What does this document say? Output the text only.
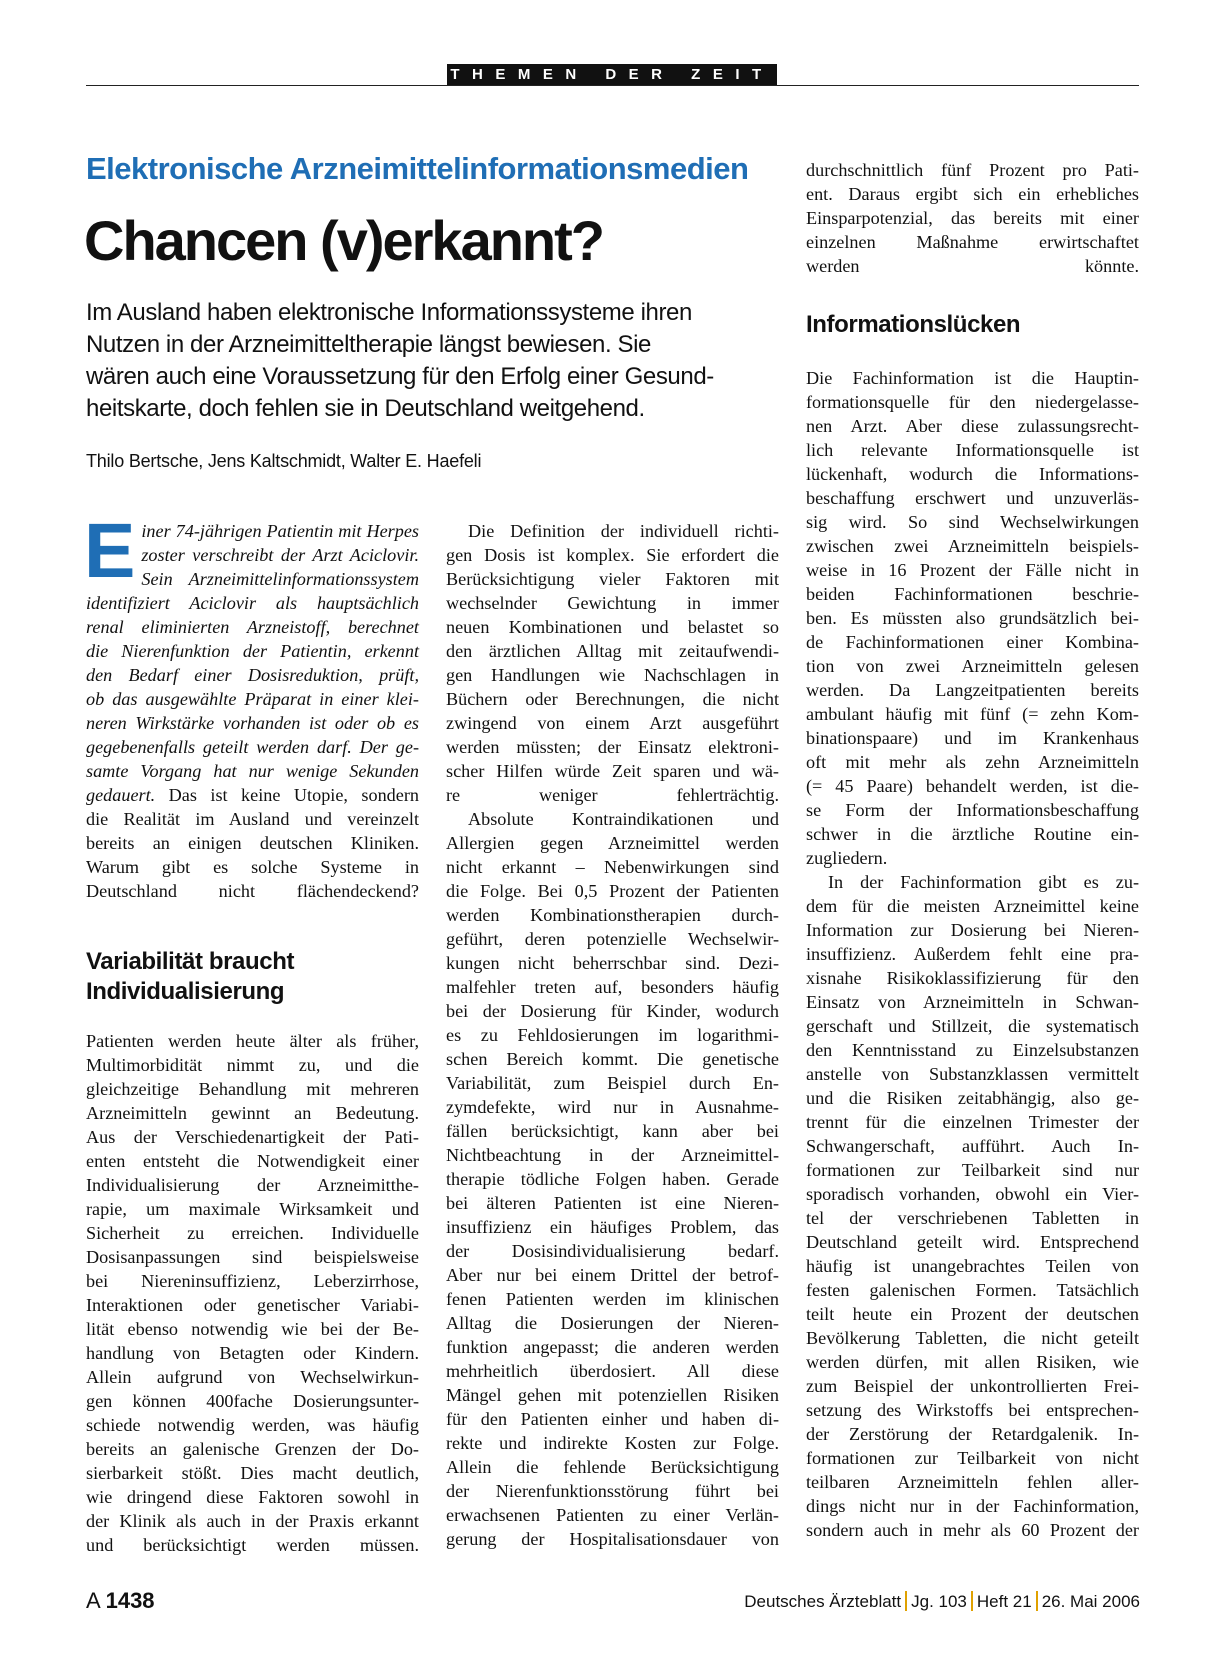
THEMEN DER ZEIT
Elektronische Arzneimittelinformationsmedien
Chancen (v)erkannt?
Im Ausland haben elektronische Informationssysteme ihren
Nutzen in der Arzneimitteltherapie längst bewiesen. Sie
wären auch eine Voraussetzung für den Erfolg einer Gesund-
heitskarte, doch fehlen sie in Deutschland weitgehend.
Thilo Bertsche, Jens Kaltschmidt, Walter E. Haefeli
E iner 74-jährigen Patientin mit Herpes
zoster verschreibt der Arzt Aciclovir.
Sein Arzneimittelinformationssystem
identifiziert Aciclovir als hauptsächlich
renal eliminierten Arzneistoff, berechnet
die Nierenfunktion der Patientin, erkennt
den Bedarf einer Dosisreduktion, prüft,
ob das ausgewählte Präparat in einer klei-
neren Wirkstärke vorhanden ist oder ob es
gegebenenfalls geteilt werden darf. Der ge-
samte Vorgang hat nur wenige Sekunden
gedauert. Das ist keine Utopie, sondern
die Realität im Ausland und vereinzelt
bereits an einigen deutschen Kliniken.
Warum gibt es solche Systeme in
Deutschland nicht flächendeckend?
Variabilität braucht
Individualisierung
Patienten werden heute älter als früher,
Multimorbidität nimmt zu, und die
gleichzeitige Behandlung mit mehreren
Arzneimitteln gewinnt an Bedeutung.
Aus der Verschiedenartigkeit der Pati-
enten entsteht die Notwendigkeit einer
Individualisierung der Arzneimitthe-
rapie, um maximale Wirksamkeit und
Sicherheit zu erreichen. Individuelle
Dosisanpassungen sind beispielsweise
bei Niereninsuffizienz, Leberzirrhose,
Interaktionen oder genetischer Variabi-
lität ebenso notwendig wie bei der Be-
handlung von Betagten oder Kindern.
Allein aufgrund von Wechselwirkun-
gen können 400fache Dosierungsunter-
schiede notwendig werden, was häufig
bereits an galenische Grenzen der Do-
sierbarkeit stößt. Dies macht deutlich,
wie dringend diese Faktoren sowohl in
der Klinik als auch in der Praxis erkannt
und berücksichtigt werden müssen.
Die Definition der individuell richti-
gen Dosis ist komplex. Sie erfordert die
Berücksichtigung vieler Faktoren mit
wechselnder Gewichtung in immer
neuen Kombinationen und belastet so
den ärztlichen Alltag mit zeitaufwendi-
gen Handlungen wie Nachschlagen in
Büchern oder Berechnungen, die nicht
zwingend von einem Arzt ausgeführt
werden müssten; der Einsatz elektroni-
scher Hilfen würde Zeit sparen und wä-
re weniger fehlerträchtig.
Absolute Kontraindikationen und
Allergien gegen Arzneimittel werden
nicht erkannt – Nebenwirkungen sind
die Folge. Bei 0,5 Prozent der Patienten
werden Kombinationstherapien durch-
geführt, deren potenzielle Wechselwir-
kungen nicht beherrschbar sind. Dezi-
malfehler treten auf, besonders häufig
bei der Dosierung für Kinder, wodurch
es zu Fehldosierungen im logarithmi-
schen Bereich kommt. Die genetische
Variabilität, zum Beispiel durch En-
zymdefekte, wird nur in Ausnahme-
fällen berücksichtigt, kann aber bei
Nichtbeachtung in der Arzneimittel-
therapie tödliche Folgen haben. Gerade
bei älteren Patienten ist eine Nieren-
insuffizienz ein häufiges Problem, das
der Dosisindividualisierung bedarf.
Aber nur bei einem Drittel der betrof-
fenen Patienten werden im klinischen
Alltag die Dosierungen der Nieren-
funktion angepasst; die anderen werden
mehrheitlich überdosiert. All diese
Mängel gehen mit potenziellen Risiken
für den Patienten einher und haben di-
rekte und indirekte Kosten zur Folge.
Allein die fehlende Berücksichtigung
der Nierenfunktionsstörung führt bei
erwachsenen Patienten zu einer Verlän-
gerung der Hospitalisationsdauer von
durchschnittlich fünf Prozent pro Pati-
ent. Daraus ergibt sich ein erhebliches
Einsparpotenzial, das bereits mit einer
einzelnen Maßnahme erwirtschaftet
werden könnte.
Informationslücken
Die Fachinformation ist die Hauptin-
formationsquelle für den niedergelasse-
nen Arzt. Aber diese zulassungsrecht-
lich relevante Informationsquelle ist
lückenhaft, wodurch die Informations-
beschaffung erschwert und unzuverläs-
sig wird. So sind Wechselwirkungen
zwischen zwei Arzneimitteln beispiels-
weise in 16 Prozent der Fälle nicht in
beiden Fachinformationen beschrie-
ben. Es müssten also grundsätzlich bei-
de Fachinformationen einer Kombina-
tion von zwei Arzneimitteln gelesen
werden. Da Langzeitpatienten bereits
ambulant häufig mit fünf (= zehn Kom-
binationspaare) und im Krankenhaus
oft mit mehr als zehn Arzneimitteln
(= 45 Paare) behandelt werden, ist die-
se Form der Informationsbeschaffung
schwer in die ärztliche Routine ein-
zugliedern.
In der Fachinformation gibt es zu-
dem für die meisten Arzneimittel keine
Information zur Dosierung bei Nieren-
insuffizienz. Außerdem fehlt eine pra-
xisnahe Risikoklassifizierung für den
Einsatz von Arzneimitteln in Schwan-
gerschaft und Stillzeit, die systematisch
den Kenntnisstand zu Einzelsubstanzen
anstelle von Substanzklassen vermittelt
und die Risiken zeitabhängig, also ge-
trennt für die einzelnen Trimester der
Schwangerschaft, aufführt. Auch In-
formationen zur Teilbarkeit sind nur
sporadisch vorhanden, obwohl ein Vier-
tel der verschriebenen Tabletten in
Deutschland geteilt wird. Entsprechend
häufig ist unangebrachtes Teilen von
festen galenischen Formen. Tatsächlich
teilt heute ein Prozent der deutschen
Bevölkerung Tabletten, die nicht geteilt
werden dürfen, mit allen Risiken, wie
zum Beispiel der unkontrollierten Frei-
setzung des Wirkstoffs bei entsprechen-
der Zerstörung der Retardgalenik. In-
formationen zur Teilbarkeit von nicht
teilbaren Arzneimitteln fehlen aller-
dings nicht nur in der Fachinformation,
sondern auch in mehr als 60 Prozent der
A 1438	Deutsches Ärzteblatt Jg. 103 Heft 21 26. Mai 2006
